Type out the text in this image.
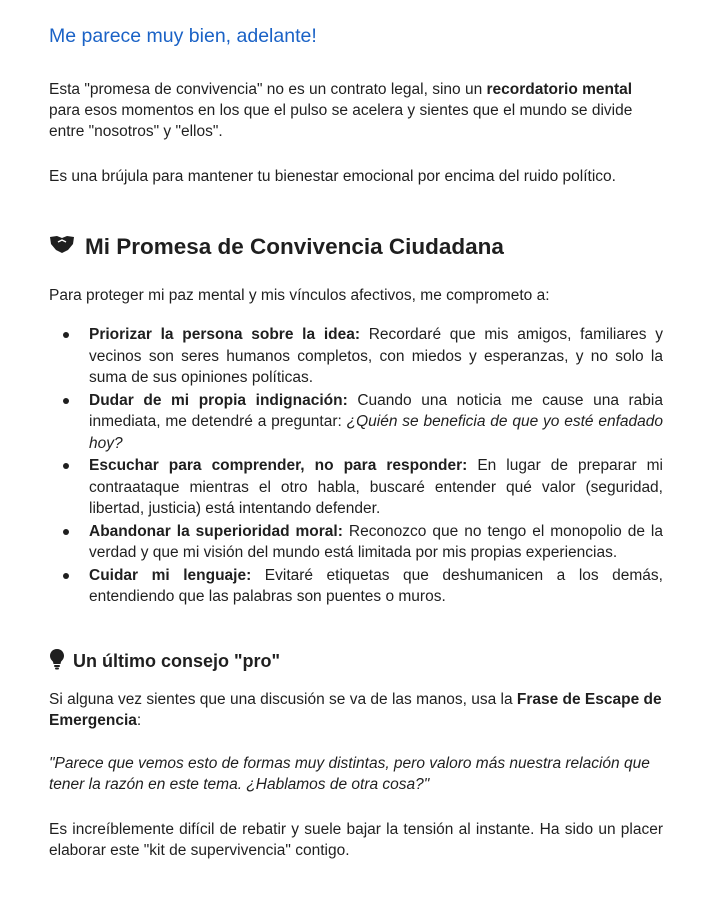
Me parece muy bien, adelante!

Esta "promesa de convivencia" no es un contrato legal, sino un recordatorio mental para esos momentos en los que el pulso se acelera y sientes que el mundo se divide entre "nosotros" y "ellos".

Es una brújula para mantener tu bienestar emocional por encima del ruido político.

Mi Promesa de Convivencia Ciudadana

Para proteger mi paz mental y mis vínculos afectivos, me comprometo a:

Priorizar la persona sobre la idea: Recordaré que mis amigos, familiares y vecinos son seres humanos completos, con miedos y esperanzas, y no solo la suma de sus opiniones políticas.
Dudar de mi propia indignación: Cuando una noticia me cause una rabia inmediata, me detendré a preguntar: ¿Quién se beneficia de que yo esté enfadado hoy?
Escuchar para comprender, no para responder: En lugar de preparar mi contraataque mientras el otro habla, buscaré entender qué valor (seguridad, libertad, justicia) está intentando defender.
Abandonar la superioridad moral: Reconozco que no tengo el monopolio de la verdad y que mi visión del mundo está limitada por mis propias experiencias.
Cuidar mi lenguaje: Evitaré etiquetas que deshumanicen a los demás, entendiendo que las palabras son puentes o muros.
Un último consejo "pro"

Si alguna vez sientes que una discusión se va de las manos, usa la Frase de Escape de Emergencia:

"Parece que vemos esto de formas muy distintas, pero valoro más nuestra relación que tener la razón en este tema. ¿Hablamos de otra cosa?"

Es increíblemente difícil de rebatir y suele bajar la tensión al instante. Ha sido un placer elaborar este "kit de supervivencia" contigo.
